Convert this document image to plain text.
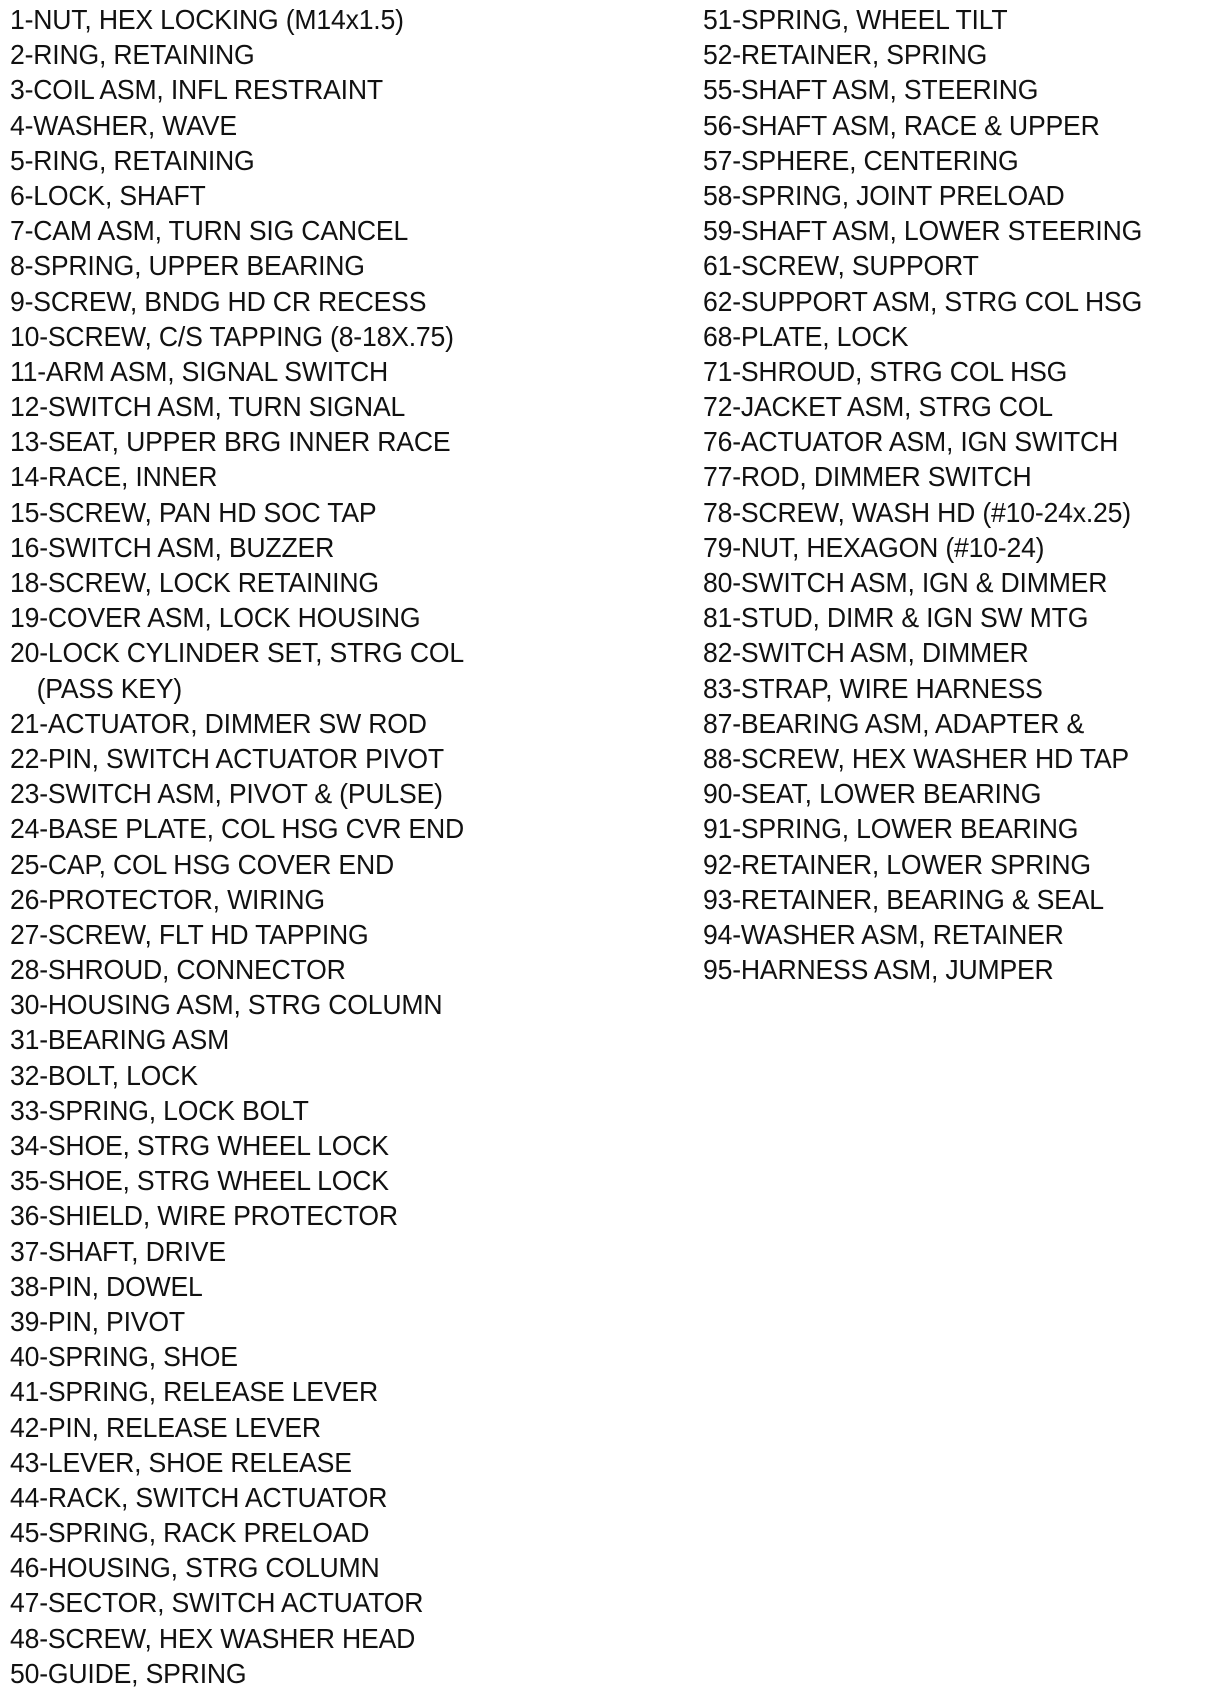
1-NUT, HEX LOCKING (M14x1.5)
2-RING, RETAINING
3-COIL ASM, INFL RESTRAINT
4-WASHER, WAVE
5-RING, RETAINING
6-LOCK, SHAFT
7-CAM ASM, TURN SIG CANCEL
8-SPRING, UPPER BEARING
9-SCREW, BNDG HD CR RECESS
10-SCREW, C/S TAPPING (8-18X.75)
11-ARM ASM, SIGNAL SWITCH
12-SWITCH ASM, TURN SIGNAL
13-SEAT, UPPER BRG INNER RACE
14-RACE, INNER
15-SCREW, PAN HD SOC TAP
16-SWITCH ASM, BUZZER
18-SCREW, LOCK RETAINING
19-COVER ASM, LOCK HOUSING
20-LOCK CYLINDER SET, STRG COL
(PASS KEY)
21-ACTUATOR, DIMMER SW ROD
22-PIN, SWITCH ACTUATOR PIVOT
23-SWITCH ASM, PIVOT & (PULSE)
24-BASE PLATE, COL HSG CVR END
25-CAP, COL HSG COVER END
26-PROTECTOR, WIRING
27-SCREW, FLT HD TAPPING
28-SHROUD, CONNECTOR
30-HOUSING ASM, STRG COLUMN
31-BEARING ASM
32-BOLT, LOCK
33-SPRING, LOCK BOLT
34-SHOE, STRG WHEEL LOCK
35-SHOE, STRG WHEEL LOCK
36-SHIELD, WIRE PROTECTOR
37-SHAFT, DRIVE
38-PIN, DOWEL
39-PIN, PIVOT
40-SPRING, SHOE
41-SPRING, RELEASE LEVER
42-PIN, RELEASE LEVER
43-LEVER, SHOE RELEASE
44-RACK, SWITCH ACTUATOR
45-SPRING, RACK PRELOAD
46-HOUSING, STRG COLUMN
47-SECTOR, SWITCH ACTUATOR
48-SCREW, HEX WASHER HEAD
50-GUIDE, SPRING
51-SPRING, WHEEL TILT
52-RETAINER, SPRING
55-SHAFT ASM, STEERING
56-SHAFT ASM, RACE & UPPER
57-SPHERE, CENTERING
58-SPRING, JOINT PRELOAD
59-SHAFT ASM, LOWER STEERING
61-SCREW, SUPPORT
62-SUPPORT ASM, STRG COL HSG
68-PLATE, LOCK
71-SHROUD, STRG COL HSG
72-JACKET ASM, STRG COL
76-ACTUATOR ASM, IGN SWITCH
77-ROD, DIMMER SWITCH
78-SCREW, WASH HD (#10-24x.25)
79-NUT, HEXAGON (#10-24)
80-SWITCH ASM, IGN & DIMMER
81-STUD, DIMR & IGN SW MTG
82-SWITCH ASM, DIMMER
83-STRAP, WIRE HARNESS
87-BEARING ASM, ADAPTER &
88-SCREW, HEX WASHER HD TAP
90-SEAT, LOWER BEARING
91-SPRING, LOWER BEARING
92-RETAINER, LOWER SPRING
93-RETAINER, BEARING & SEAL
94-WASHER ASM, RETAINER
95-HARNESS ASM, JUMPER
